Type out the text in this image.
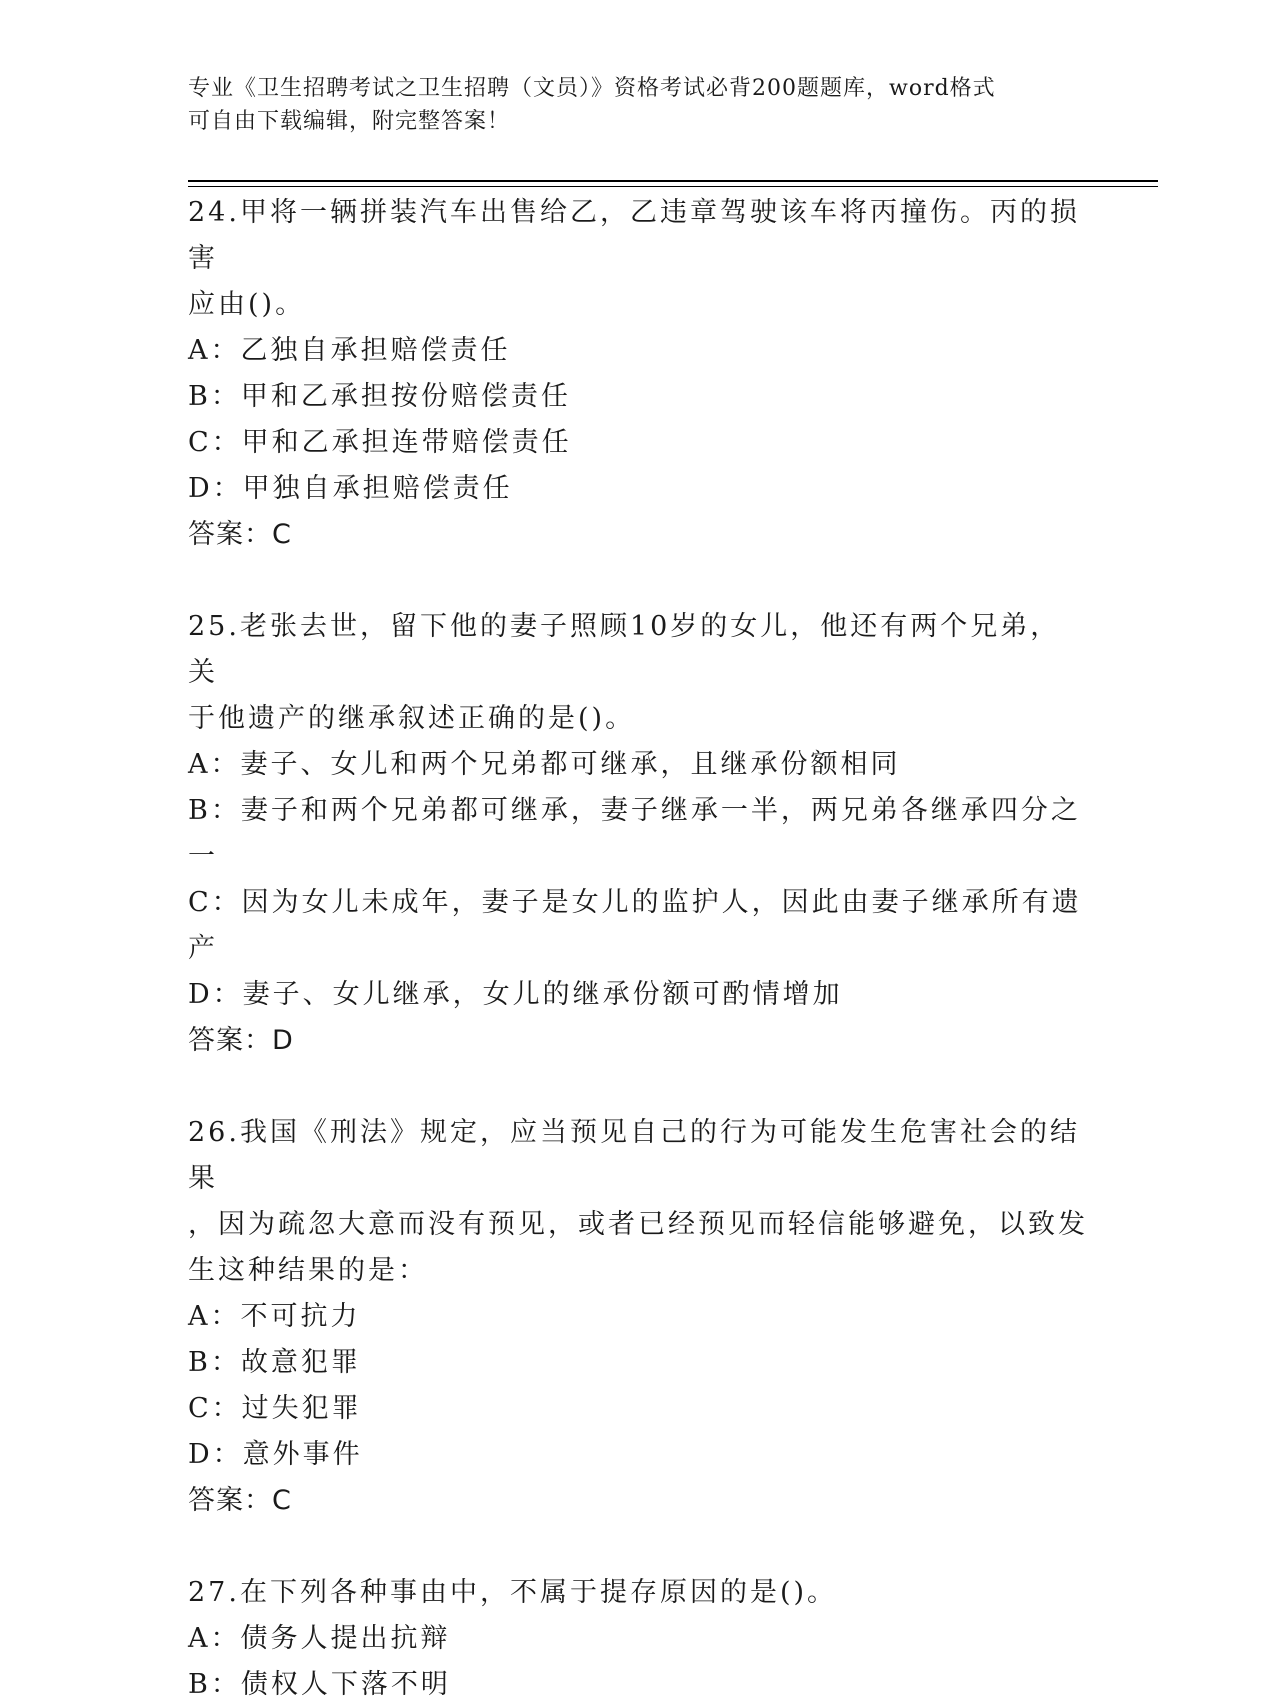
专业《卫生招聘考试之卫生招聘（文员）》资格考试必背200题题库，word格式
可自由下载编辑，附完整答案！

24.甲将一辆拼装汽车出售给乙，乙违章驾驶该车将丙撞伤。丙的损害

应由()。

A：乙独自承担赔偿责任

B：甲和乙承担按份赔偿责任

C：甲和乙承担连带赔偿责任

D：甲独自承担赔偿责任

答案：C

25.老张去世，留下他的妻子照顾10岁的女儿，他还有两个兄弟，关

于他遗产的继承叙述正确的是()。

A：妻子、女儿和两个兄弟都可继承，且继承份额相同

B：妻子和两个兄弟都可继承，妻子继承一半，两兄弟各继承四分之一

C：因为女儿未成年，妻子是女儿的监护人，因此由妻子继承所有遗产

D：妻子、女儿继承，女儿的继承份额可酌情增加

答案：D

26.我国《刑法》规定，应当预见自己的行为可能发生危害社会的结果

，因为疏忽大意而没有预见，或者已经预见而轻信能够避免，以致发

生这种结果的是：

A：不可抗力

B：故意犯罪

C：过失犯罪

D：意外事件

答案：C

27.在下列各种事由中，不属于提存原因的是()。

A：债务人提出抗辩

B：债权人下落不明
